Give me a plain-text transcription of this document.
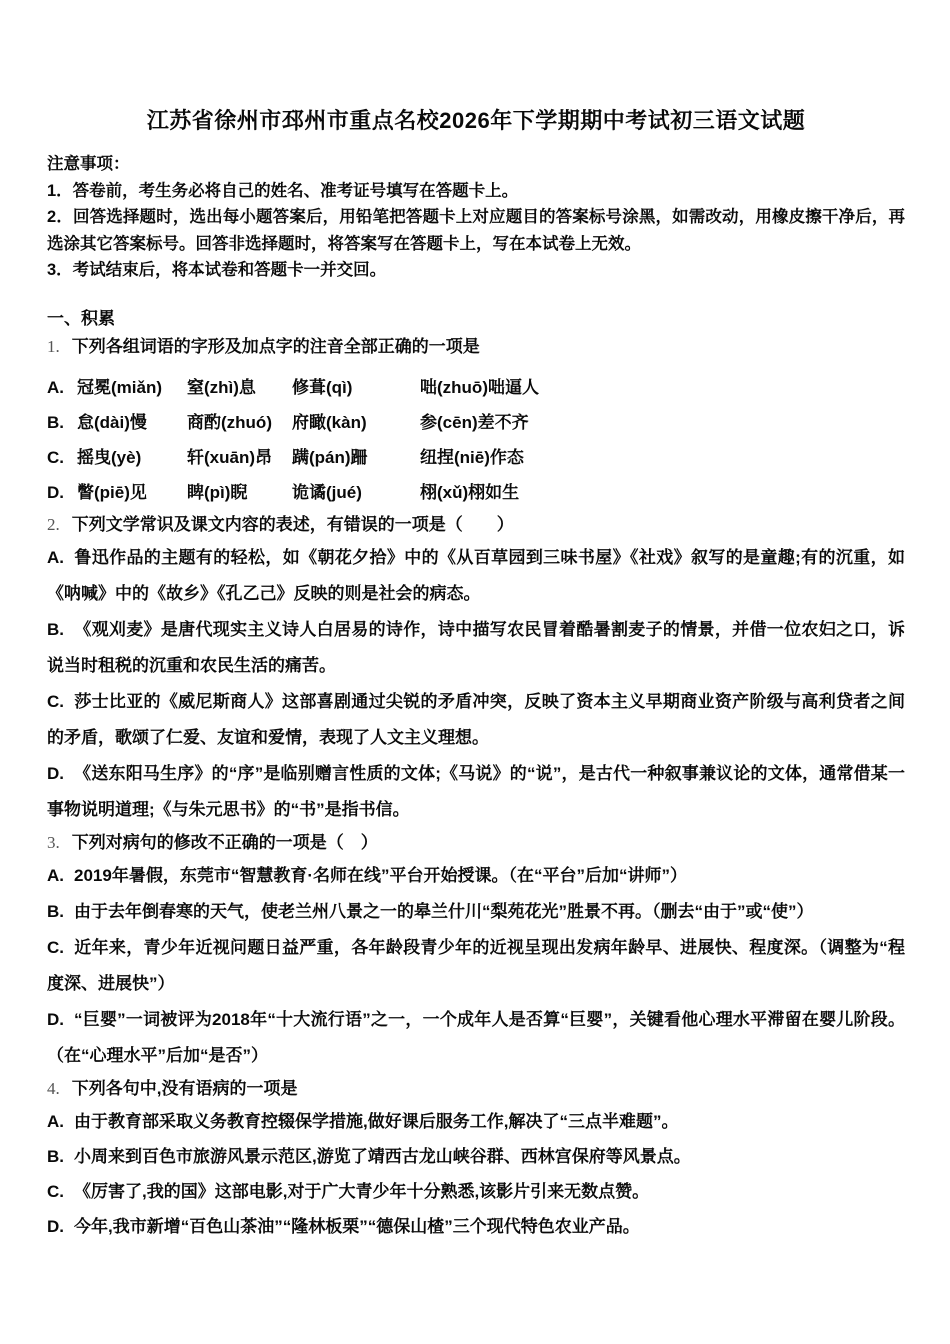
江苏省徐州市邳州市重点名校2026年下学期期中考试初三语文试题

注意事项：

1．答卷前，考生务必将自己的姓名、准考证号填写在答题卡上。

2．回答选择题时，选出每小题答案后，用铅笔把答题卡上对应题目的答案标号涂黑，如需改动，用橡皮擦干净后，再选涂其它答案标号。回答非选择题时，将答案写在答题卡上，写在本试卷上无效。

3．考试结束后，将本试卷和答题卡一并交回。

一、积累

1. 下列各组词语的字形及加点字的注音全部正确的一项是

A. 冠冕(miǎn)	窒(zhì)息	修葺(qì)	咄(zhuō)咄逼人
B. 怠(dài)慢	商酌(zhuó)	府瞰(kàn)	参(cēn)差不齐
C. 摇曳(yè)	轩(xuān)昂	蹒(pán)跚	纽捏(niē)作态
D. 瞥(piē)见	睥(pì)睨	诡谲(jué)	栩(xǔ)栩如生

2. 下列文学常识及课文内容的表述，有错误的一项是（　　）

A. 鲁迅作品的主题有的轻松，如《朝花夕拾》中的《从百草园到三味书屋》《社戏》叙写的是童趣;有的沉重，如《呐喊》中的《故乡》《孔乙己》反映的则是社会的病态。

B. 《观刈麦》是唐代现实主义诗人白居易的诗作，诗中描写农民冒着酷暑割麦子的情景，并借一位农妇之口，诉说当时租税的沉重和农民生活的痛苦。

C. 莎士比亚的《威尼斯商人》这部喜剧通过尖锐的矛盾冲突，反映了资本主义早期商业资产阶级与高利贷者之间的矛盾，歌颂了仁爱、友谊和爱情，表现了人文主义理想。

D. 《送东阳马生序》的“序”是临别赠言性质的文体;《马说》的“说”，是古代一种叙事兼议论的文体，通常借某一事物说明道理;《与朱元思书》的“书”是指书信。

3. 下列对病句的修改不正确的一项是（　）

A. 2019年暑假，东莞市“智慧教育·名师在线”平台开始授课。（在“平台”后加“讲师”）

B. 由于去年倒春寒的天气，使老兰州八景之一的皋兰什川“梨苑花光”胜景不再。（删去“由于”或“使”）

C. 近年来，青少年近视问题日益严重，各年龄段青少年的近视呈现出发病年龄早、进展快、程度深。（调整为“程度深、进展快”）

D. “巨婴”一词被评为2018年“十大流行语”之一，一个成年人是否算“巨婴”，关键看他心理水平滞留在婴儿阶段。（在“心理水平”后加“是否”）

4. 下列各句中,没有语病的一项是

A. 由于教育部采取义务教育控辍保学措施,做好课后服务工作,解决了“三点半难题”。

B. 小周来到百色市旅游风景示范区,游览了靖西古龙山峡谷群、西林宫保府等风景点。

C. 《厉害了,我的国》这部电影,对于广大青少年十分熟悉,该影片引来无数点赞。

D. 今年,我市新增“百色山茶油”“隆林板栗”“德保山楂”三个现代特色农业产品。
